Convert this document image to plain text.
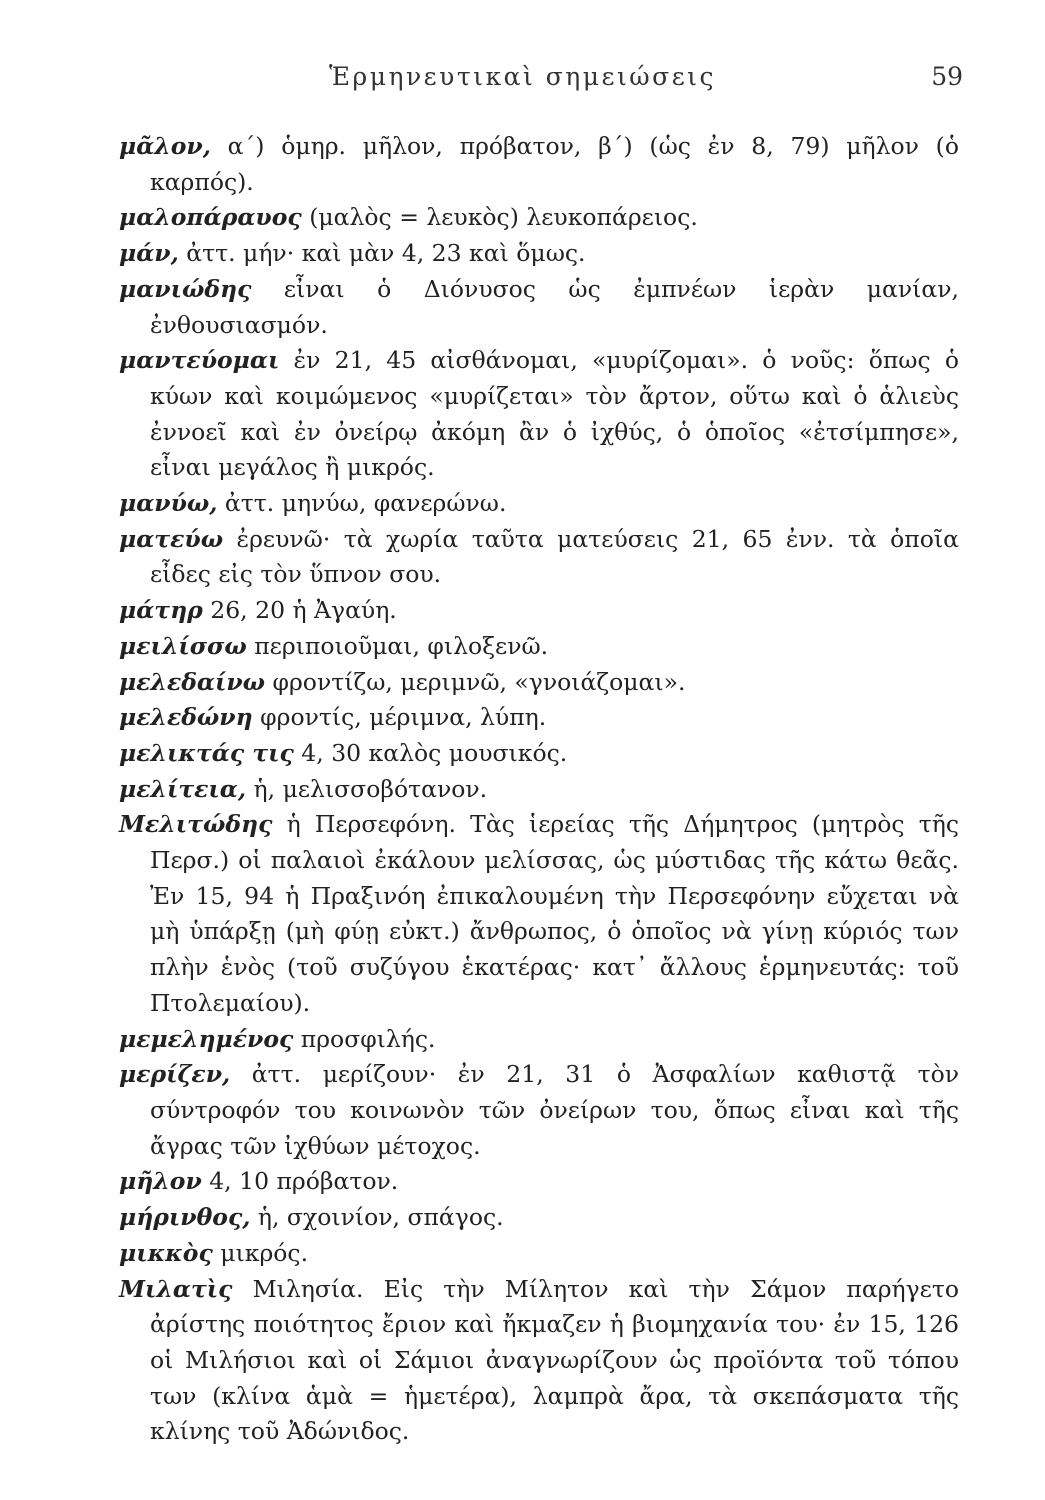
Ἑρμηνευτικαὶ σημειώσεις	59

μᾶλον, α΄) ὁμηρ. μῆλον, πρόβατον, β΄) (ὡς ἐν 8, 79) μῆλον (ὁ καρπός).

μαλοπάραυος (μαλὸς = λευκὸς) λευκοπάρειος.

μάν, ἀττ. μήν· καὶ μὰν 4, 23 καὶ ὅμως.

μανιώδης εἶναι ὁ Διόνυσος ὡς ἐμπνέων ἱερὰν μανίαν, ἐνθουσιασμόν.

μαντεύομαι ἐν 21, 45 αἰσθάνομαι, «μυρίζομαι». ὁ νοῦς: ὅπως ὁ κύων καὶ κοιμώμενος «μυρίζεται» τὸν ἄρτον, οὕτω καὶ ὁ ἁλιεὺς ἐννοεῖ καὶ ἐν ὀνείρῳ ἀκόμη ἂν ὁ ἰχθύς, ὁ ὁποῖος «ἐτσίμπησε», εἶναι μεγάλος ἢ μικρός.

μανύω, ἀττ. μηνύω, φανερώνω.

ματεύω ἐρευνῶ· τὰ χωρία ταῦτα ματεύσεις 21, 65 ἐνν. τὰ ὁποῖα εἶδες εἰς τὸν ὕπνον σου.

μάτηρ 26, 20 ἡ Ἀγαύη.

μειλίσσω περιποιοῦμαι, φιλοξενῶ.

μελεδαίνω φροντίζω, μεριμνῶ, «γνοιάζομαι».

μελεδώνη φροντίς, μέριμνα, λύπη.

μελικτάς τις 4, 30 καλὸς μουσικός.

μελίτεια, ἡ, μελισσοβότανον.

Μελιτώδης ἡ Περσεφόνη. Τὰς ἱερείας τῆς Δήμητρος (μητρὸς τῆς Περσ.) οἱ παλαιοὶ ἐκάλουν μελίσσας, ὡς μύστιδας τῆς κάτω θεᾶς. Ἐν 15, 94 ἡ Πραξινόη ἐπικαλουμένη τὴν Περσεφόνην εὔχεται νὰ μὴ ὑπάρξῃ (μὴ φύῃ εὐκτ.) ἄνθρωπος, ὁ ὁποῖος νὰ γίνῃ κύριός των πλὴν ἑνὸς (τοῦ συζύγου ἑκατέρας· κατ᾽ ἄλλους ἑρμηνευτάς: τοῦ Πτολεμαίου).

μεμελημένος προσφιλής.

μερίζεν, ἀττ. μερίζουν· ἐν 21, 31 ὁ Ἀσφαλίων καθιστᾷ τὸν σύντροφόν του κοινωνὸν τῶν ὀνείρων του, ὅπως εἶναι καὶ τῆς ἄγρας τῶν ἰχθύων μέτοχος.

μῆλον 4, 10 πρόβατον.

μήρινθος, ἡ, σχοινίον, σπάγος.

μικκὸς μικρός.

Μιλατὶς Μιλησία. Εἰς τὴν Μίλητον καὶ τὴν Σάμον παρήγετο ἀρίστης ποιότητος ἔριον καὶ ἤκμαζεν ἡ βιομηχανία του· ἐν 15, 126 οἱ Μιλήσιοι καὶ οἱ Σάμιοι ἀναγνωρίζουν ὡς προϊόντα τοῦ τόπου των (κλίνα ἁμὰ = ἡμετέρα), λαμπρὰ ἄρα, τὰ σκεπάσματα τῆς κλίνης τοῦ Ἀδώνιδος.
